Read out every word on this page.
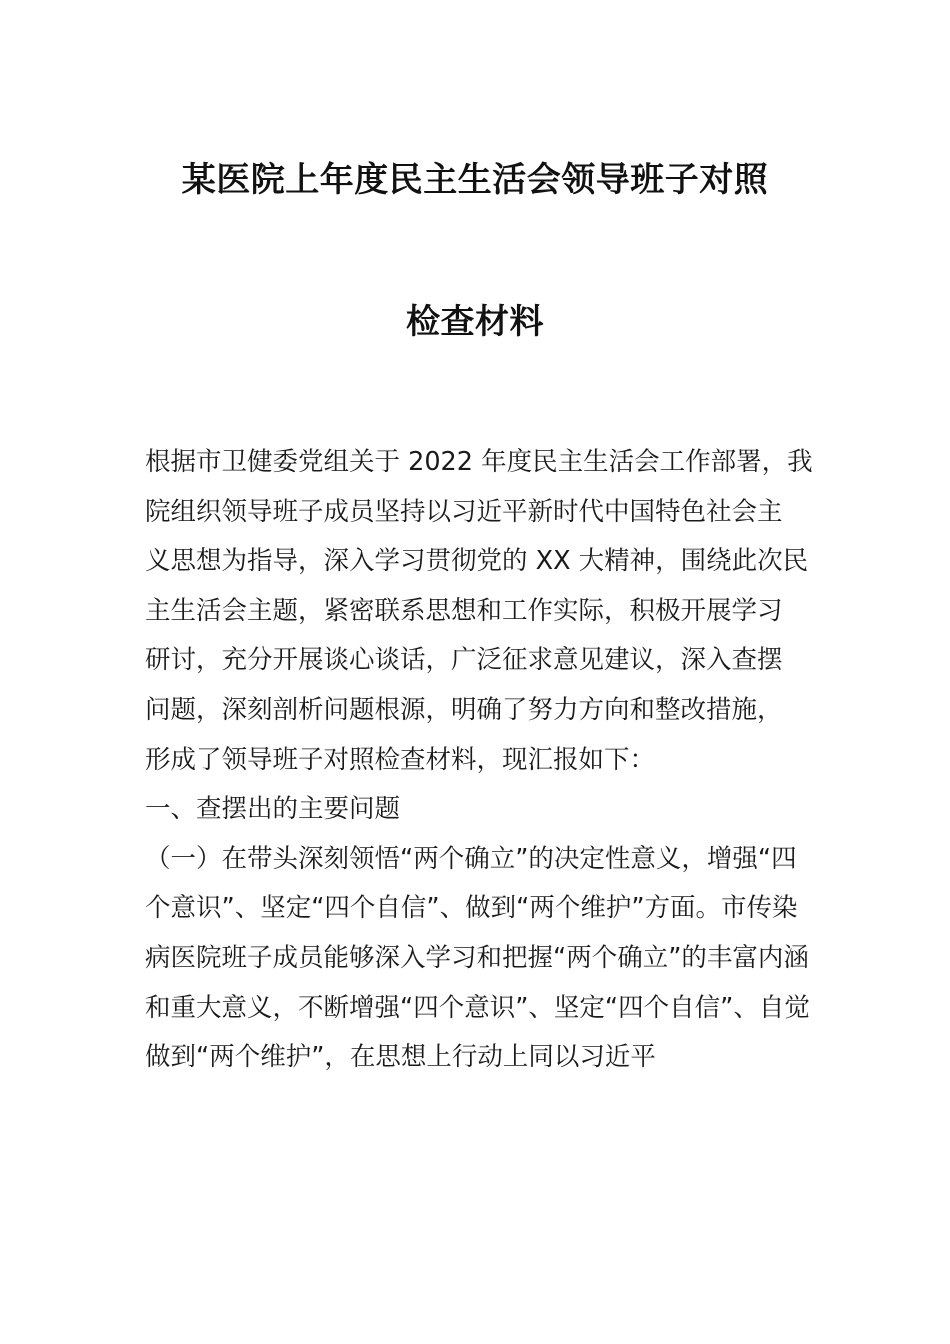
某医院上年度民主生活会领导班子对照
检查材料
根据市卫健委党组关于 2022 年度民主生活会工作部署，我
院组织领导班子成员坚持以习近平新时代中国特色社会主
义思想为指导，深入学习贯彻党的 XX 大精神，围绕此次民
主生活会主题，紧密联系思想和工作实际，积极开展学习
研讨，充分开展谈心谈话，广泛征求意见建议，深入查摆
问题，深刻剖析问题根源，明确了努力方向和整改措施，
形成了领导班子对照检查材料，现汇报如下：
一、查摆出的主要问题
（一）在带头深刻领悟“两个确立”的决定性意义，增强“四
个意识”、坚定“四个自信”、做到“两个维护”方面。市传染
病医院班子成员能够深入学习和把握“两个确立”的丰富内涵
和重大意义，不断增强“四个意识”、坚定“四个自信”、自觉
做到“两个维护”，在思想上行动上同以习近平
